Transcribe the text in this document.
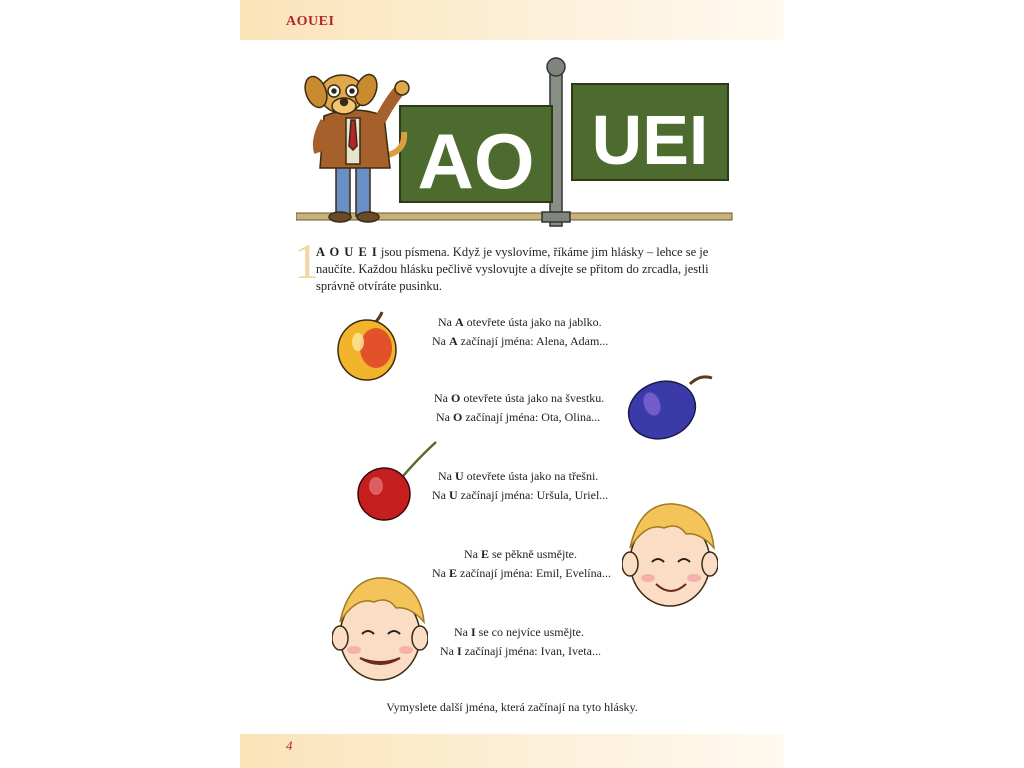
AOUEI
AO UEI
1
A O U E I jsou písmena. Když je vyslovíme, říkáme jim hlásky – lehce se je naučíte. Každou hlásku pečlivě vyslovujte a dívejte se přitom do zrcadla, jestli správně otvíráte pusinku.
Na A otevřete ústa jako na jablko.
Na A začínají jména: Alena, Adam...
Na O otevřete ústa jako na švestku.
Na O začínají jména: Ota, Olina...
Na U otevřete ústa jako na třešni.
Na U začínají jména: Uršula, Uriel...
Na E se pěkně usmějte.
Na E začínají jména: Emil, Evelína...
Na I se co nejvíce usmějte.
Na I začínají jména: Ivan, Iveta...
Vymyslete další jména, která začínají na tyto hlásky.
4
